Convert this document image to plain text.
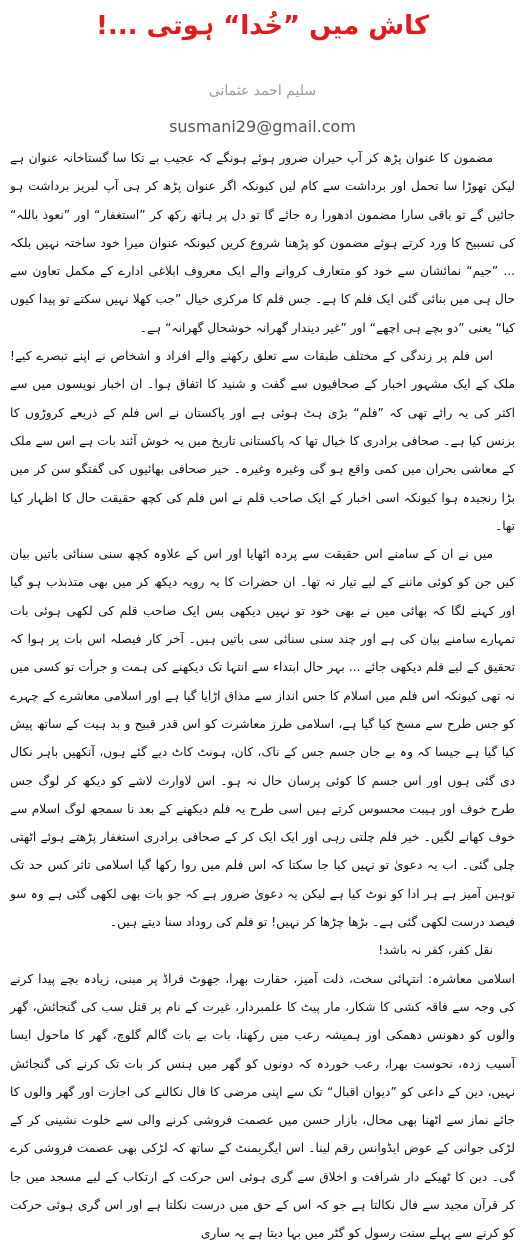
کاش میں ”خُدا“ ہوتی ...!
سلیم احمد عثمانی
susmani29@gmail.com

مضمون کا عنوان پڑھ کر آپ حیران ضرور ہوئے ہونگے کہ عجیب بے تکا سا گستاخانہ عنوان ہے لیکن تھوڑا سا تحمل اور برداشت سے کام لیں کیونکہ اگر عنوان پڑھ کر ہی آپ لبریز برداشت ہو جائیں گے تو باقی سارا مضمون ادھورا رہ جائے گا تو دل پر ہاتھ رکھ کر ”استغفار“ اور ”نعوذ باللہ“ کی تسبیح کا ورد کرتے ہوئے مضمون کو پڑھنا شروع کریں کیونکہ عنوان میرا خود ساختہ نہیں بلکہ ... ”جیم“ نمائشان سے خود کو متعارف کروانے والے ایک معروف ابلاغی ادارے کے مکمل تعاون سے حال ہی میں بنائی گئی ایک فلم کا ہے۔ جس فلم کا مرکزی خیال ”جب کھلا نہیں سکتے تو پیدا کیوں کیا“ یعنی ”دو بچے ہی اچھے“ اور ”غیر دیندار گھرانہ خوشحال گھرانہ“ ہے۔

اس فلم پر زندگی کے مختلف طبقات سے تعلق رکھنے والے افراد و اشخاص نے اپنے تبصرے کیے! ملک کے ایک مشہور اخبار کے صحافیوں سے گفت و شنید کا اتفاق ہوا۔ ان اخبار نویسوں میں سے اکثر کی یہ رائے تھی کہ ”فلم“ بڑی ہٹ ہوئی ہے اور پاکستان نے اس فلم کے ذریعے کروڑوں کا بزنس کیا ہے۔ صحافی برادری کا خیال تھا کہ پاکستانی تاریخ میں یہ خوش آئند بات ہے اس سے ملک کے معاشی بحران میں کمی واقع ہو گی وغیرہ وغیرہ۔ خیر صحافی بھائیوں کی گفتگو سن کر میں بڑا رنجیدہ ہوا کیونکہ اسی اخبار کے ایک صاحب قلم نے اس فلم کی کچھ حقیقت حال کا اظہار کیا تھا۔

میں نے ان کے سامنے اس حقیقت سے پردہ اٹھایا اور اس کے علاوہ کچھ سنی سنائی باتیں بیان کیں جن کو کوئی ماننے کے لیے تیار نہ تھا۔ ان حضرات کا یہ رویہ دیکھ کر میں بھی متذبذب ہو گیا اور کہنے لگا کہ بھائی میں نے بھی خود تو نہیں دیکھی بس ایک صاحب قلم کی لکھی ہوئی بات تمہارے سامنے بیان کی ہے اور چند سنی سنائی سی باتیں ہیں۔ آخر کار فیصلہ اس بات پر ہوا کہ تحقیق کے لیے فلم دیکھی جائے ... بہر حال ابتداء سے انتہا تک دیکھنے کی ہمت و جرأت تو کسی میں نہ تھی کیونکہ اس فلم میں اسلام کا جس انداز سے مذاق اڑایا گیا ہے اور اسلامی معاشرے کے چہرے کو جس طرح سے مسخ کیا گیا ہے، اسلامی طرز معاشرت کو اس قدر قبیح و بد ہیت کے ساتھ پیش کیا گیا ہے جیسا کہ وہ بے جان جسم جس کے ناک، کان، ہونٹ کاٹ دیے گئے ہوں، آنکھیں باہر نکال دی گئی ہوں اور اس جسم کا کوئی پرسان حال نہ ہو۔ اس لاوارث لاشے کو دیکھ کر لوگ جس طرح خوف اور ہیبت محسوس کرتے ہیں اسی طرح یہ فلم دیکھنے کے بعد نا سمجھ لوگ اسلام سے خوف کھانے لگیں۔ خیر فلم چلتی رہی اور ایک ایک کر کے صحافی برادری استغفار پڑھتے ہوئے اٹھتی چلی گئی۔ اب یہ دعویٰ تو نہیں کیا جا سکتا کہ اس فلم میں روا رکھا گیا اسلامی تاثر کس حد تک توہین آمیز ہے ہر ادا کو نوٹ کیا ہے لیکن یہ دعویٰ ضرور ہے کہ جو بات بھی لکھی گئی ہے وہ سو فیصد درست لکھی گئی ہے۔ بڑھا چڑھا کر نہیں! تو فلم کی روداد سنا دیتے ہیں۔

نقل کفر، کفر نہ باشد!

اسلامی معاشرہ: انتہائی سخت، ذلت آمیز، حقارت بھرا، جھوٹ فراڈ پر مبنی، زیادہ بچے پیدا کرنے کی وجہ سے فاقہ کشی کا شکار، مار پیٹ کا علمبردار، غیرت کے نام پر قتل سب کی گنجائش، گھر والوں کو دھونس دھمکی اور ہمیشہ رعب میں رکھنا، بات بے بات گالم گلوچ، گھر کا ماحول ایسا آسیب زدہ، نحوست بھرا، رعب خوردہ کہ دونوں کو گھر میں ہنس کر بات تک کرنے کی گنجائش نہیں، دین کے داعی کو ”دیوان اقبال“ تک سے اپنی مرضی کا فال نکالنے کی اجازت اور گھر والوں کا جائے نماز سے اٹھنا بھی محال، بازار حسن میں عصمت فروشی کرنے والی سے خلوت نشینی کر کے لڑکی جوانی کے عوض ایڈوانس رقم لینا۔ اس ایگریمنٹ کے ساتھ کہ لڑکی بھی عصمت فروشی کرے گی۔ دین کا ٹھیکے دار شرافت و اخلاق سے گری ہوئی اس حرکت کے ارتکاب کے لیے مسجد میں جا کر قرآن مجید سے فال نکالتا ہے جو کہ اس کے حق میں درست نکلتا ہے اور اس گری ہوئی حرکت کو کرنے سے پہلے سنت رسول کو گٹر میں بہا دیتا ہے یہ ساری
